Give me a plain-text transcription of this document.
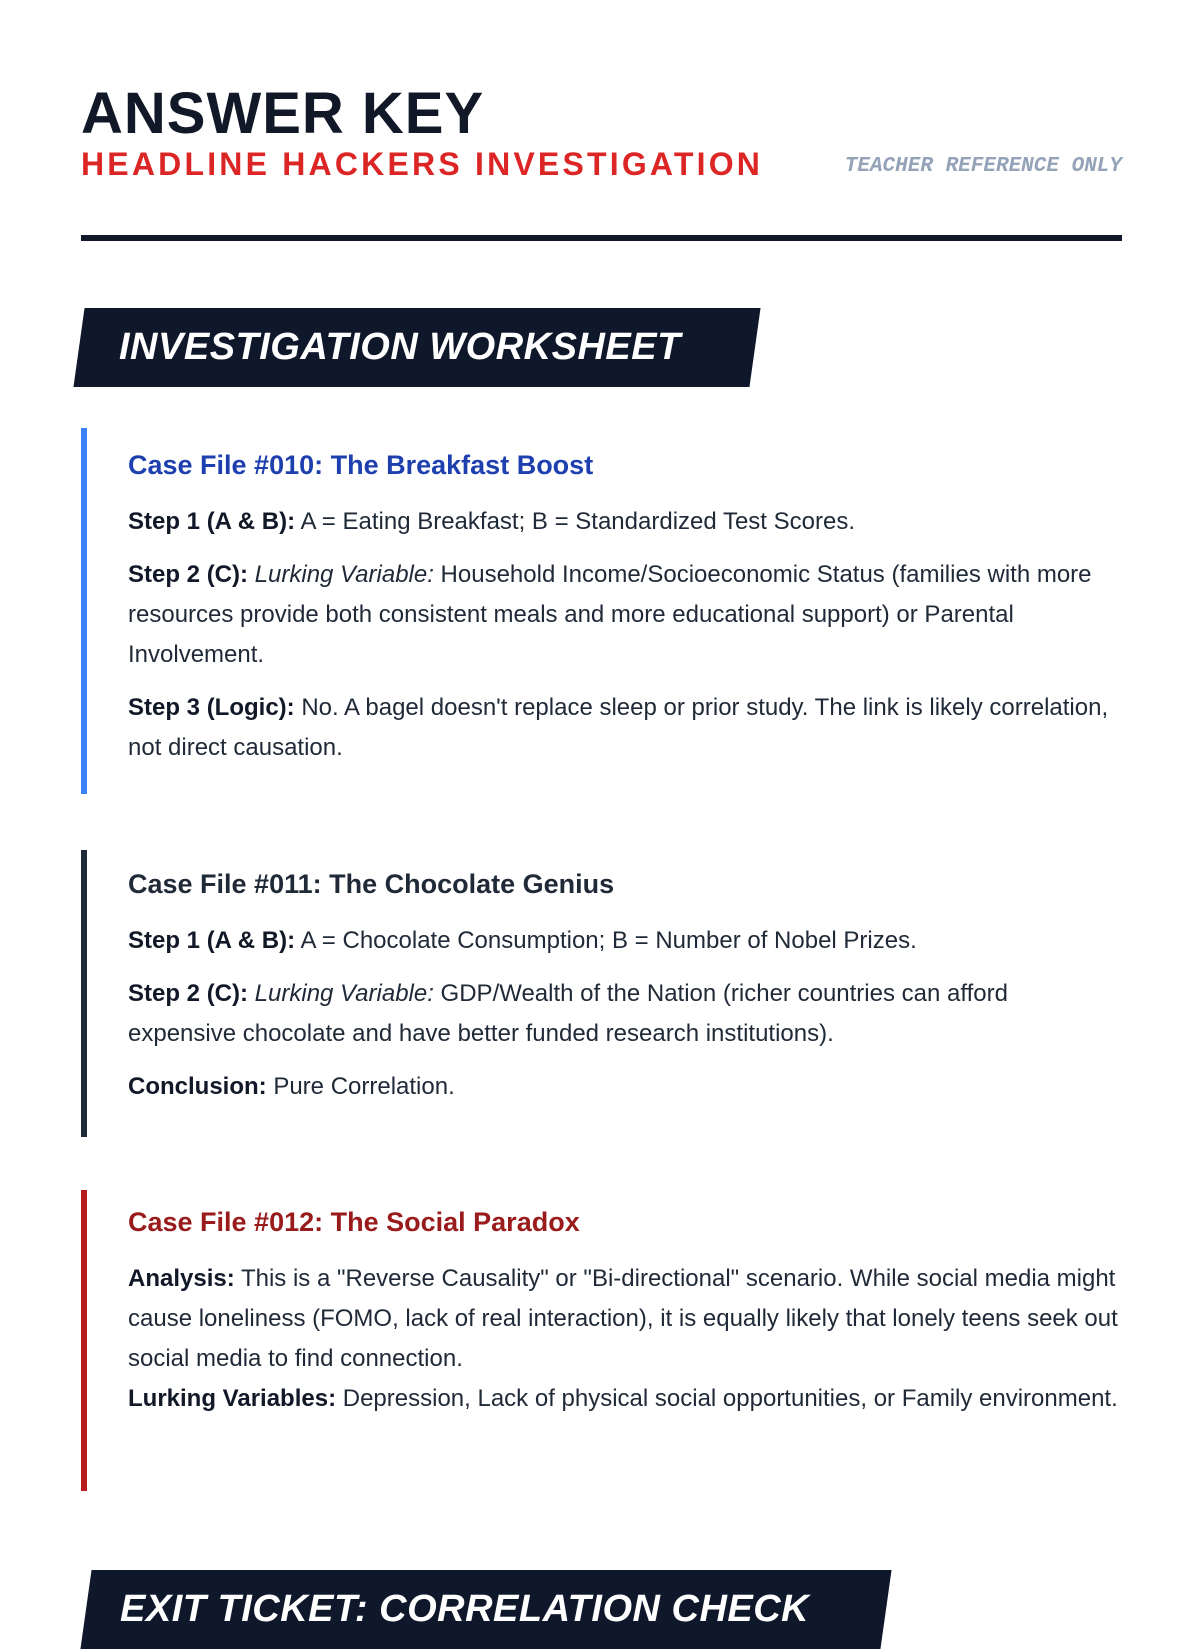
ANSWER KEY
HEADLINE HACKERS INVESTIGATION	TEACHER REFERENCE ONLY
INVESTIGATION WORKSHEET
Case File #010: The Breakfast Boost

Step 1 (A & B): A = Eating Breakfast; B = Standardized Test Scores.

Step 2 (C): Lurking Variable: Household Income/Socioeconomic Status (families with more resources provide both consistent meals and more educational support) or Parental Involvement.

Step 3 (Logic): No. A bagel doesn't replace sleep or prior study. The link is likely correlation, not direct causation.

Case File #011: The Chocolate Genius

Step 1 (A & B): A = Chocolate Consumption; B = Number of Nobel Prizes.

Step 2 (C): Lurking Variable: GDP/Wealth of the Nation (richer countries can afford expensive chocolate and have better funded research institutions).

Conclusion: Pure Correlation.

Case File #012: The Social Paradox

Analysis: This is a "Reverse Causality" or "Bi-directional" scenario. While social media might cause loneliness (FOMO, lack of real interaction), it is equally likely that lonely teens seek out social media to find connection.
Lurking Variables: Depression, Lack of physical social opportunities, or Family environment.

EXIT TICKET: CORRELATION CHECK
